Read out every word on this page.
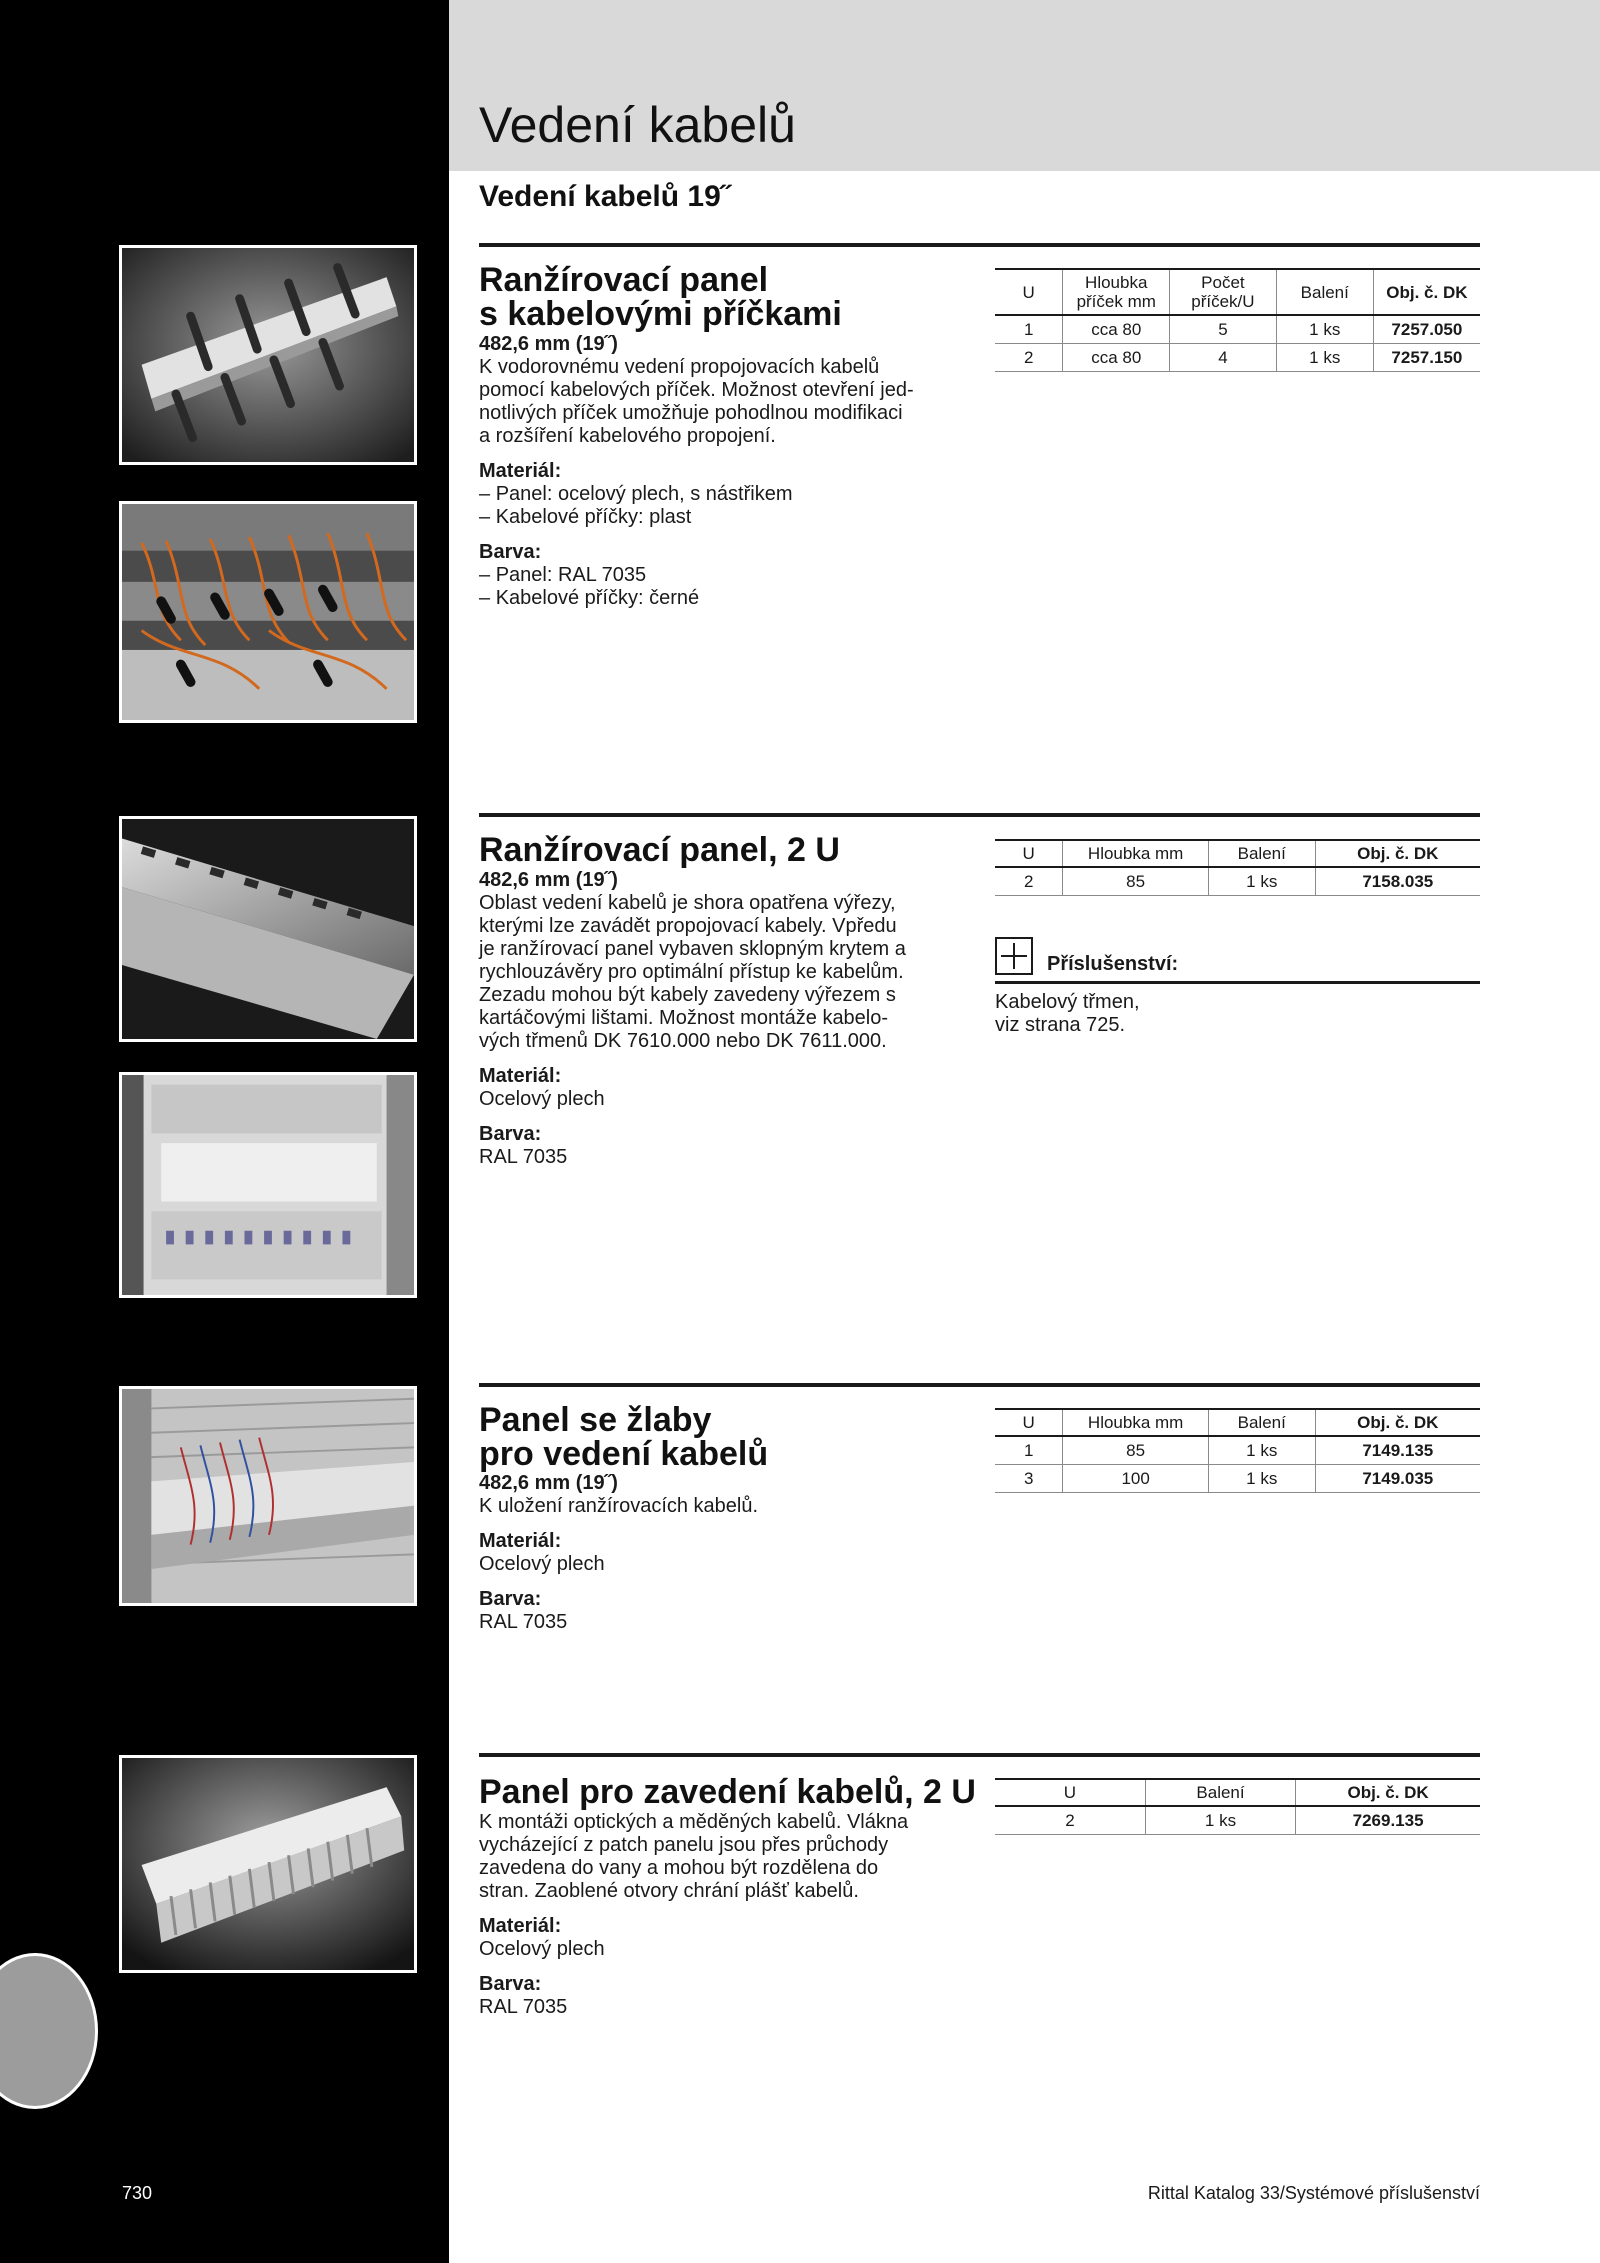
Vedení kabelů
Vedení kabelů 19˝
Ranžírovací panel
s kabelovými příčkami

482,6 mm (19˝)

K vodorovnému vedení propojovacích kabelů

pomocí kabelových příček. Možnost otevření jed-

notlivých příček umožňuje pohodlnou modifikaci

a rozšíření kabelového propojení.

Materiál:

– Panel: ocelový plech, s nástřikem

– Kabelové příčky: plast

Barva:

– Panel: RAL 7035

– Kabelové příčky: černé

U	Hloubka příček mm	Počet příček/U	Balení	Obj. č. DK
1	cca 80	5	1 ks	7257.050
2	cca 80	4	1 ks	7257.150
Ranžírovací panel, 2 U

482,6 mm (19˝)

Oblast vedení kabelů je shora opatřena výřezy,

kterými lze zavádět propojovací kabely. Vpředu

je ranžírovací panel vybaven sklopným krytem a

rychlouzávěry pro optimální přístup ke kabelům.

Zezadu mohou být kabely zavedeny výřezem s

kartáčovými lištami. Možnost montáže kabelo-

vých třmenů DK 7610.000 nebo DK 7611.000.

Materiál:

Ocelový plech

Barva:

RAL 7035

U	Hloubka mm	Balení	Obj. č. DK
2	85	1 ks	7158.035
Příslušenství:

Kabelový třmen,

viz strana 725.

Panel se žlaby
pro vedení kabelů

482,6 mm (19˝)

K uložení ranžírovacích kabelů.

Materiál:

Ocelový plech

Barva:

RAL 7035

U	Hloubka mm	Balení	Obj. č. DK
1	85	1 ks	7149.135
3	100	1 ks	7149.035
Panel pro zavedení kabelů, 2 U

K montáži optických a měděných kabelů. Vlákna

vycházející z patch panelu jsou přes průchody

zavedena do vany a mohou být rozdělena do

stran. Zaoblené otvory chrání plášť kabelů.

Materiál:

Ocelový plech

Barva:

RAL 7035

U	Balení	Obj. č. DK
2	1 ks	7269.135
730	Rittal Katalog 33/Systémové příslušenství
